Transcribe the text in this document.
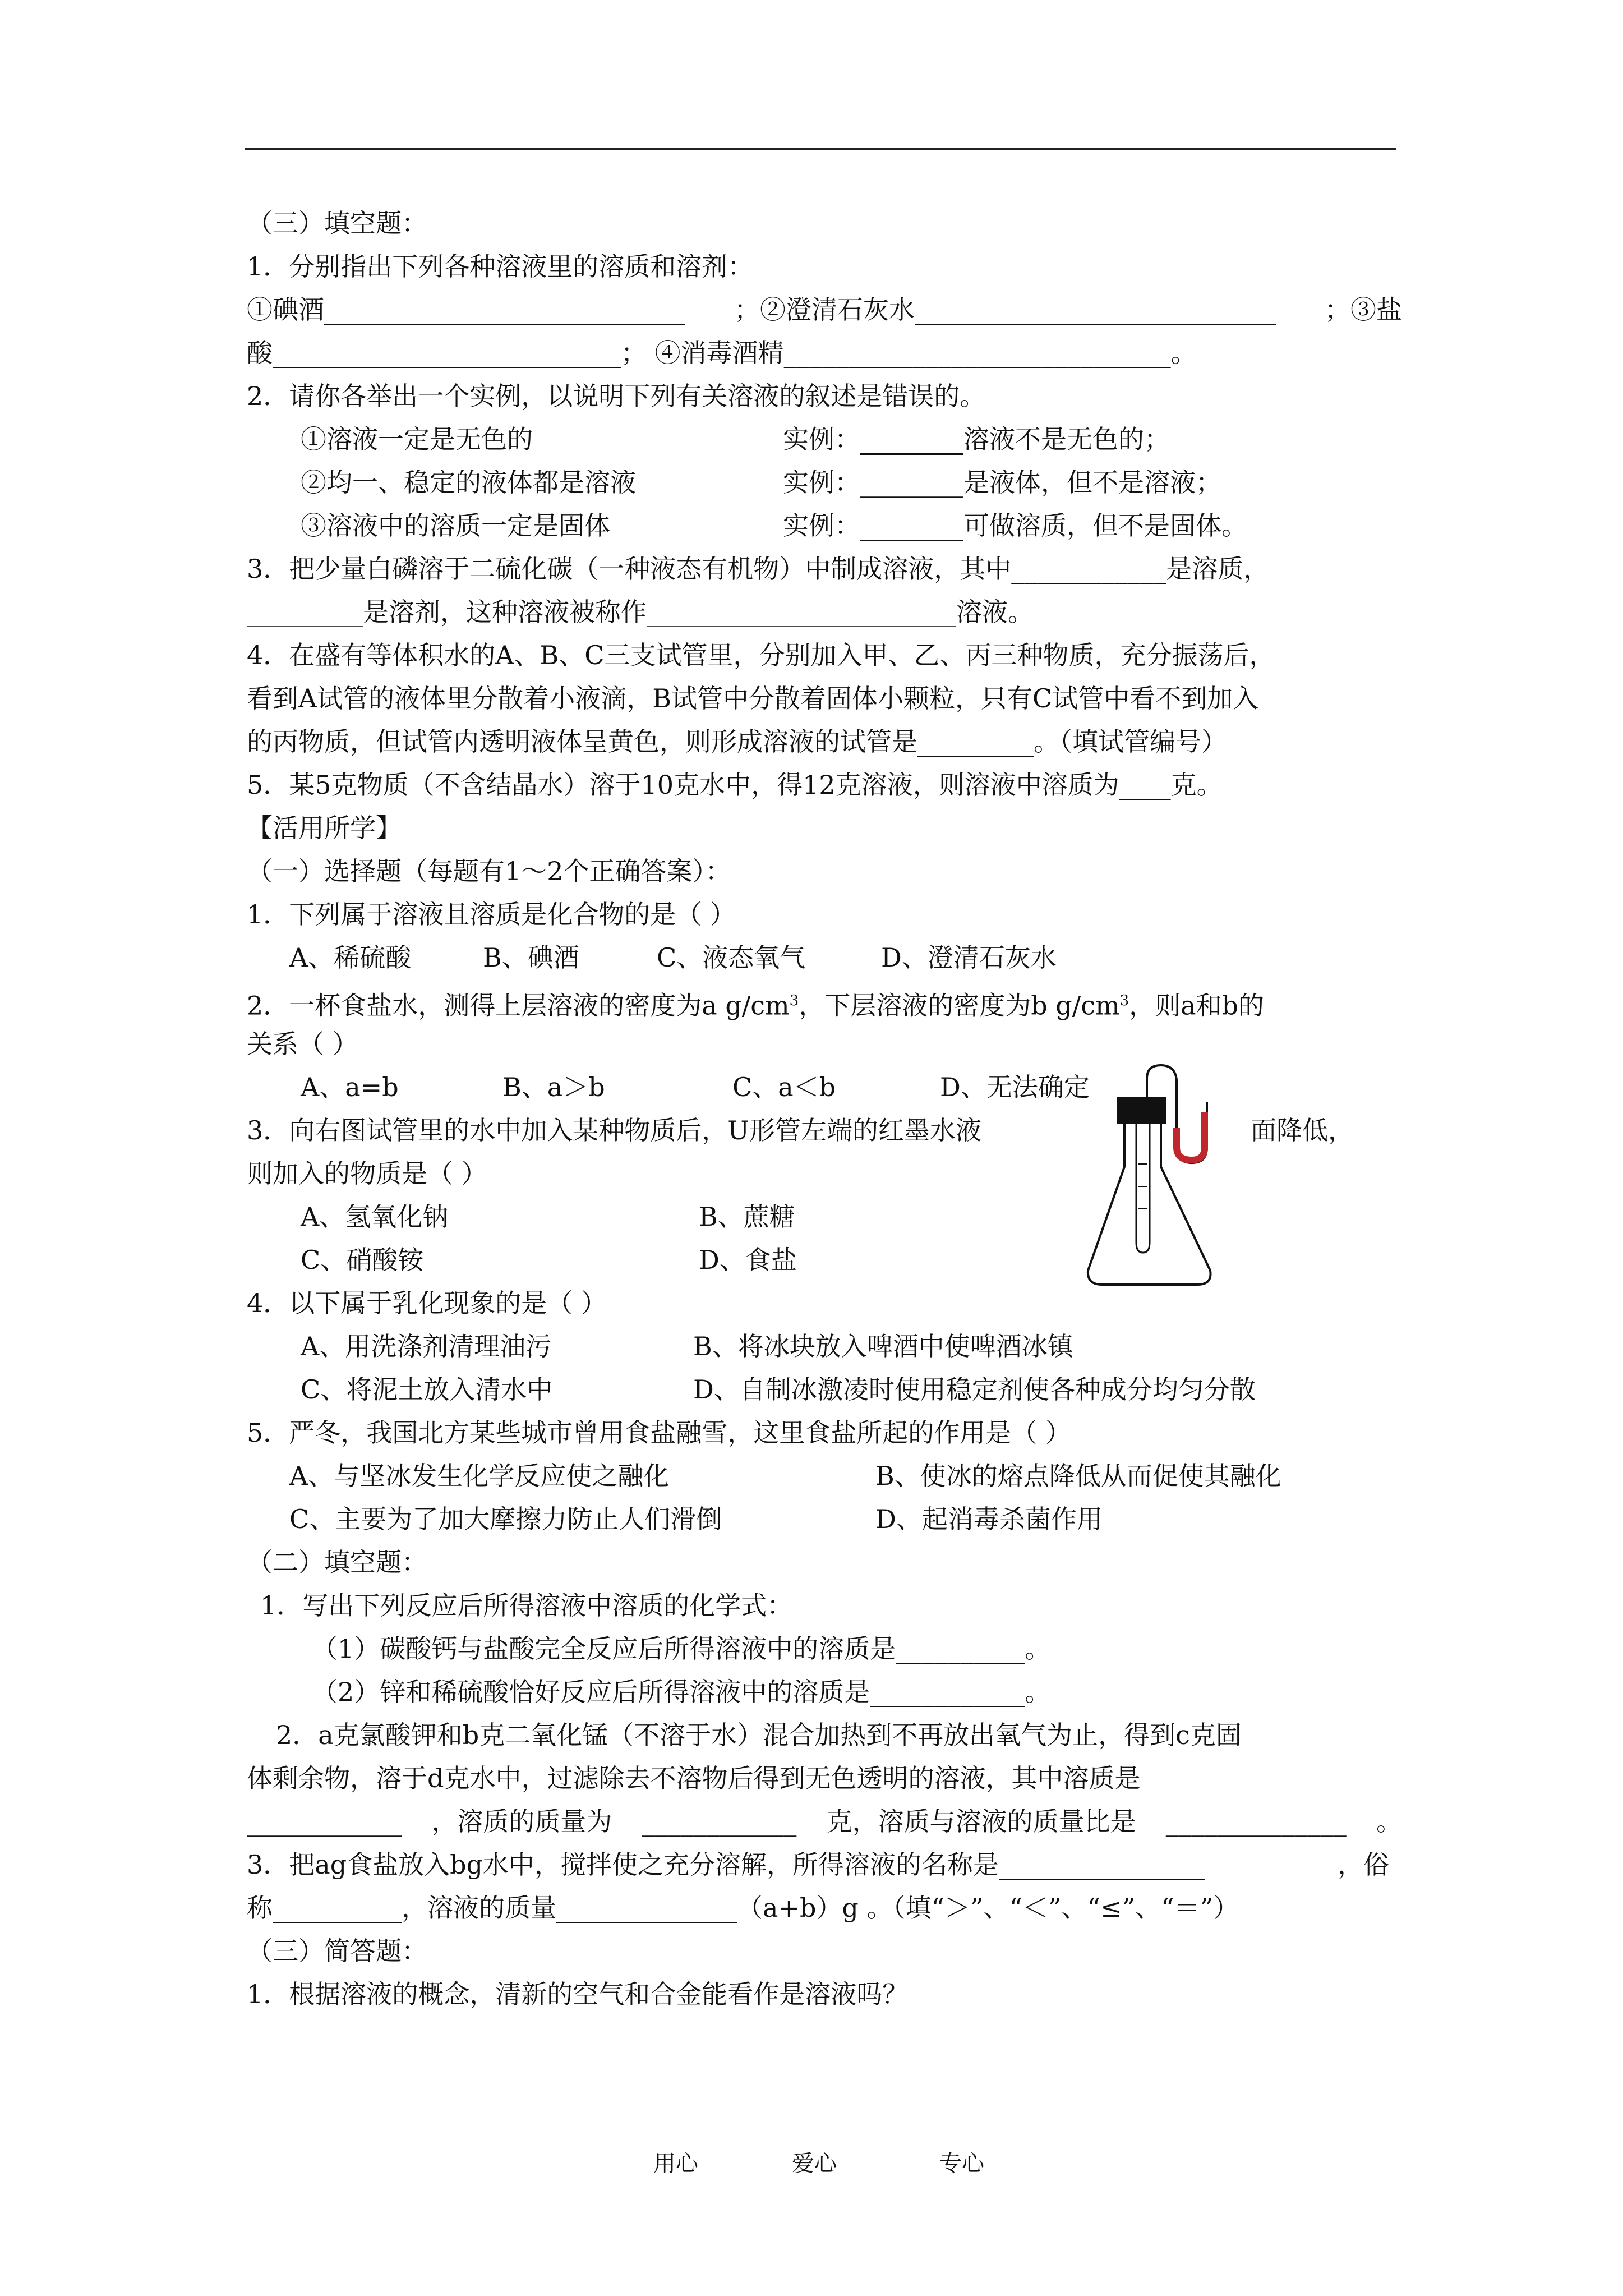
（三）填空题：
1．分别指出下列各种溶液里的溶质和溶剂：
①碘酒____________________________ ；②澄清石灰水____________________________ ；③盐
酸___________________________； ④消毒酒精______________________________。
2．请你各举出一个实例，以说明下列有关溶液的叙述是错误的。
①溶液一定是无色的	实例：________溶液不是无色的；
②均一、稳定的液体都是溶液	实例：________是液体，但不是溶液；
③溶液中的溶质一定是固体	实例：________可做溶质，但不是固体。
3．把少量白磷溶于二硫化碳（一种液态有机物）中制成溶液，其中____________是溶质，
_________是溶剂，这种溶液被称作________________________溶液。
4．在盛有等体积水的A、B、C三支试管里，分别加入甲、乙、丙三种物质，充分振荡后，
看到A试管的液体里分散着小液滴，B试管中分散着固体小颗粒，只有C试管中看不到加入
的丙物质，但试管内透明液体呈黄色，则形成溶液的试管是_________。（填试管编号）
5．某5克物质（不含结晶水）溶于10克水中，得12克溶液，则溶液中溶质为____克。
【活用所学】
（一）选择题（每题有1～2个正确答案）：
1．下列属于溶液且溶质是化合物的是（ ）
A、稀硫酸	B、碘酒	C、液态氧气	D、澄清石灰水
2．一杯食盐水，测得上层溶液的密度为a $g/cm^3$，下层溶液的密度为b $g/cm^3$，则a和b的
关系（ ）
A、a=b	B、a＞b	C、a＜b	D、无法确定
3．向右图试管里的水中加入某种物质后，U形管左端的红墨水液	面降低，
则加入的物质是（ ）
A、氢氧化钠	B、蔗糖
C、硝酸铵	D、食盐
4．以下属于乳化现象的是（ ）
A、用洗涤剂清理油污	B、将冰块放入啤酒中使啤酒冰镇
C、将泥土放入清水中	D、自制冰激凌时使用稳定剂使各种成分均匀分散
5．严冬，我国北方某些城市曾用食盐融雪，这里食盐所起的作用是（ ）
A、与坚冰发生化学反应使之融化	B、使冰的熔点降低从而促使其融化
C、主要为了加大摩擦力防止人们滑倒	D、起消毒杀菌作用
（二）填空题：
1．写出下列反应后所得溶液中溶质的化学式：
（1）碳酸钙与盐酸完全反应后所得溶液中的溶质是__________。
（2）锌和稀硫酸恰好反应后所得溶液中的溶质是____________。
2．a克氯酸钾和b克二氧化锰（不溶于水）混合加热到不再放出氧气为止，得到c克固
体剩余物，溶于d克水中，过滤除去不溶物后得到无色透明的溶液，其中溶质是
____________ ，溶质的质量为 ____________ 克，溶质与溶液的质量比是 ______________ 。
3．把ag食盐放入bg水中，搅拌使之充分溶解，所得溶液的名称是________________	，俗
称__________，溶液的质量______________（a+b）g 。（填“＞”、“＜”、“≤”、“＝”）
（三）简答题：
1．根据溶液的概念，清新的空气和合金能看作是溶液吗？
用心	爱心	专心
